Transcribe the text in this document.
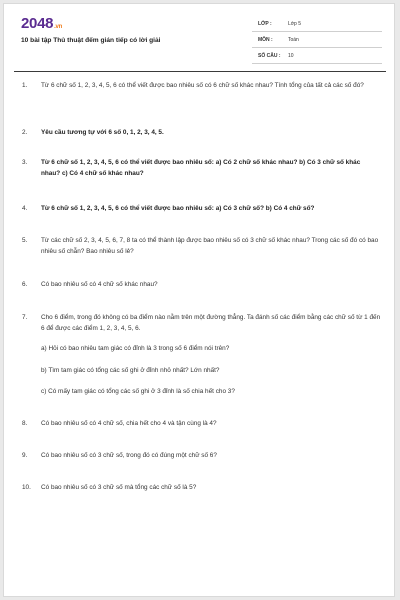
2048.vn
10 bài tập Thủ thuật đếm gián tiếp có lời giải
LỚP :	Lớp 5
MÔN :	Toán
SỐ CÂU : 10
1. Từ 6 chữ số 1, 2, 3, 4, 5, 6 có thể viết được bao nhiêu số có 6 chữ số khác nhau? Tính tổng của tất cả các số đó?
2. Yêu cầu tương tự với 6 số 0, 1, 2, 3, 4, 5.
3. Từ 6 chữ số 1, 2, 3, 4, 5, 6 có thể viết được bao nhiêu số: a) Có 2 chữ số khác nhau? b) Có 3 chữ số khác nhau? c) Có 4 chữ số khác nhau?
4. Từ 6 chữ số 1, 2, 3, 4, 5, 6 có thể viết được bao nhiêu số: a) Có 3 chữ số? b) Có 4 chữ số?
5. Từ các chữ số 2, 3, 4, 5, 6, 7, 8 ta có thể thành lập được bao nhiêu số có 3 chữ số khác nhau? Trong các số đó có bao nhiêu số chẵn? Bao nhiêu số lẻ?
6. Có bao nhiêu số có 4 chữ số khác nhau?
7. Cho 6 điểm, trong đó không có ba điểm nào nằm trên một đường thẳng. Ta đánh số các điểm bằng các chữ số từ 1 đến 6 để được các điểm 1, 2, 3, 4, 5, 6.
a) Hỏi có bao nhiêu tam giác có đỉnh là 3 trong số 6 điểm nói trên?
b) Tìm tam giác có tổng các số ghi ở đỉnh nhỏ nhất? Lớn nhất?
c) Có mấy tam giác có tổng các số ghi ở 3 đỉnh là số chia hết cho 3?
8. Có bao nhiêu số có 4 chữ số, chia hết cho 4 và tận cùng là 4?
9. Có bao nhiêu số có 3 chữ số, trong đó có đúng một chữ số 6?
10. Có bao nhiêu số có 3 chữ số mà tổng các chữ số là 5?
